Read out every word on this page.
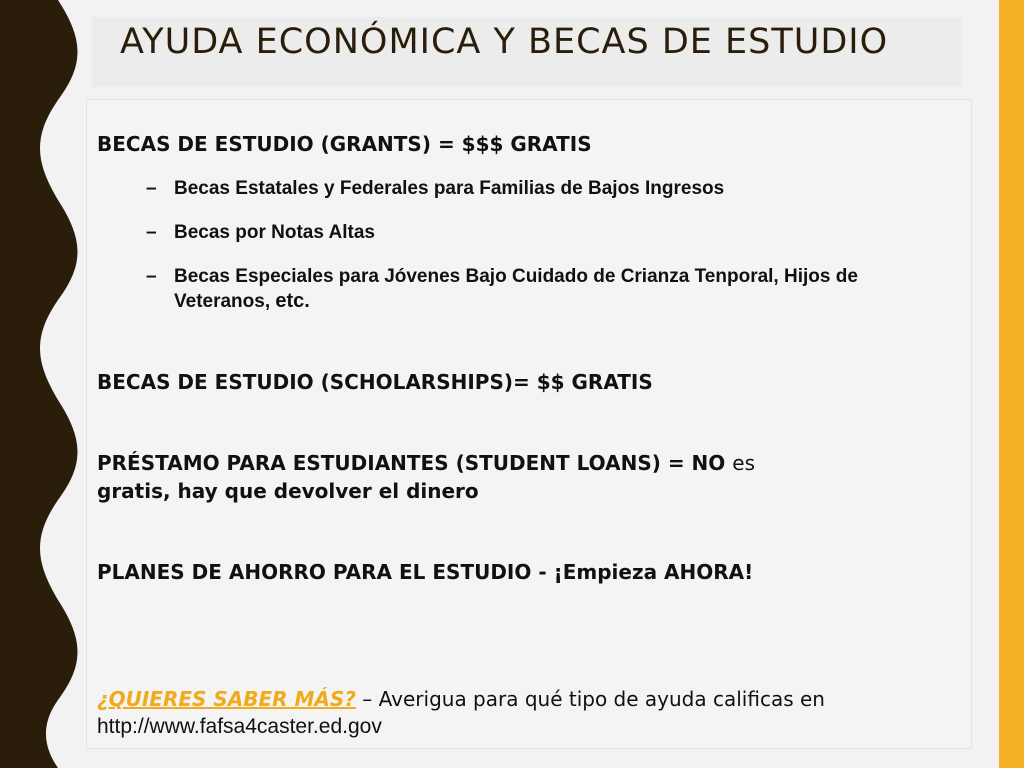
AYUDA ECONÓMICA Y BECAS DE ESTUDIO

BECAS DE ESTUDIO (GRANTS) = $$$ GRATIS

– Becas Estatales y Federales para Familias de Bajos Ingresos

– Becas por Notas Altas

– Becas Especiales para Jóvenes Bajo Cuidado de Crianza Tenporal, Hijos de Veteranos, etc.

BECAS DE ESTUDIO (SCHOLARSHIPS)= $$ GRATIS

PRÉSTAMO PARA ESTUDIANTES (STUDENT LOANS) = NO es

gratis, hay que devolver el dinero

PLANES DE AHORRO PARA EL ESTUDIO - ¡Empieza AHORA!

¿QUIERES SABER MÁS? – Averigua para qué tipo de ayuda calificas en
http://www.fafsa4caster.ed.gov
